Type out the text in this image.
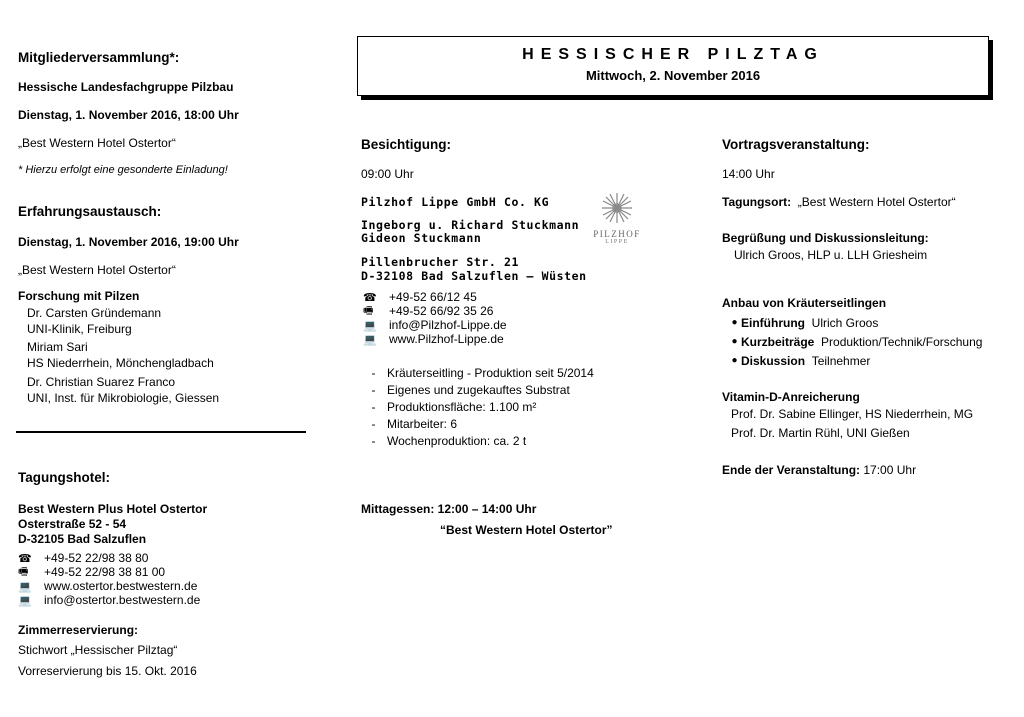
Mitgliederversammlung*:
Hessische Landesfachgruppe Pilzbau
Dienstag, 1. November 2016, 18:00 Uhr
„Best Western Hotel Ostertor“
* Hierzu erfolgt eine gesonderte Einladung!
Erfahrungsaustausch:
Dienstag, 1. November 2016, 19:00 Uhr
„Best Western Hotel Ostertor“
Forschung mit Pilzen
Dr. Carsten Gründemann
UNI-Klinik, Freiburg
Miriam Sari
HS Niederrhein, Mönchengladbach
Dr. Christian Suarez Franco
UNI, Inst. für Mikrobiologie, Giessen
Tagungshotel:
Best Western Plus Hotel Ostertor
Osterstraße 52 - 54
D-32105 Bad Salzuflen
☎	+49-52 22/98 38 80
🖷	+49-52 22/98 38 81 00
💻	www.ostertor.bestwestern.de
💻	info@ostertor.bestwestern.de
Zimmerreservierung:
Stichwort „Hessischer Pilztag“
Vorreservierung bis 15. Okt. 2016
HESSISCHER PILZTAG
Mittwoch, 2. November 2016
Besichtigung:
09:00 Uhr
Pilzhof Lippe GmbH Co. KG
Ingeborg u. Richard Stuckmann
Gideon Stuckmann
Pillenbrucher Str. 21
D-32108 Bad Salzuflen – Wüsten
PILZHOF
LIPPE
☎	+49-52 66/12 45
🖷	+49-52 66/92 35 26
💻	info@Pilzhof-Lippe.de
💻	www.Pilzhof-Lippe.de
- Kräuterseitling - Produktion seit 5/2014
- Eigenes und zugekauftes Substrat
- Produktionsfläche: 1.100 m²
- Mitarbeiter: 6
- Wochenproduktion: ca. 2 t
Mittagessen: 12:00 – 14:00 Uhr
“Best Western Hotel Ostertor”
Vortragsveranstaltung:
14:00 Uhr
Tagungsort: „Best Western Hotel Ostertor“
Begrüßung und Diskussionsleitung:
Ulrich Groos, HLP u. LLH Griesheim
Anbau von Kräuterseitlingen
● Einführung
Ulrich Groos
● Kurzbeiträge
Produktion/Technik/Forschung
● Diskussion
Teilnehmer
Vitamin-D-Anreicherung
Prof. Dr. Sabine Ellinger, HS Niederrhein, MG
Prof. Dr. Martin Rühl, UNI Gießen
Ende der Veranstaltung: 17:00 Uhr
